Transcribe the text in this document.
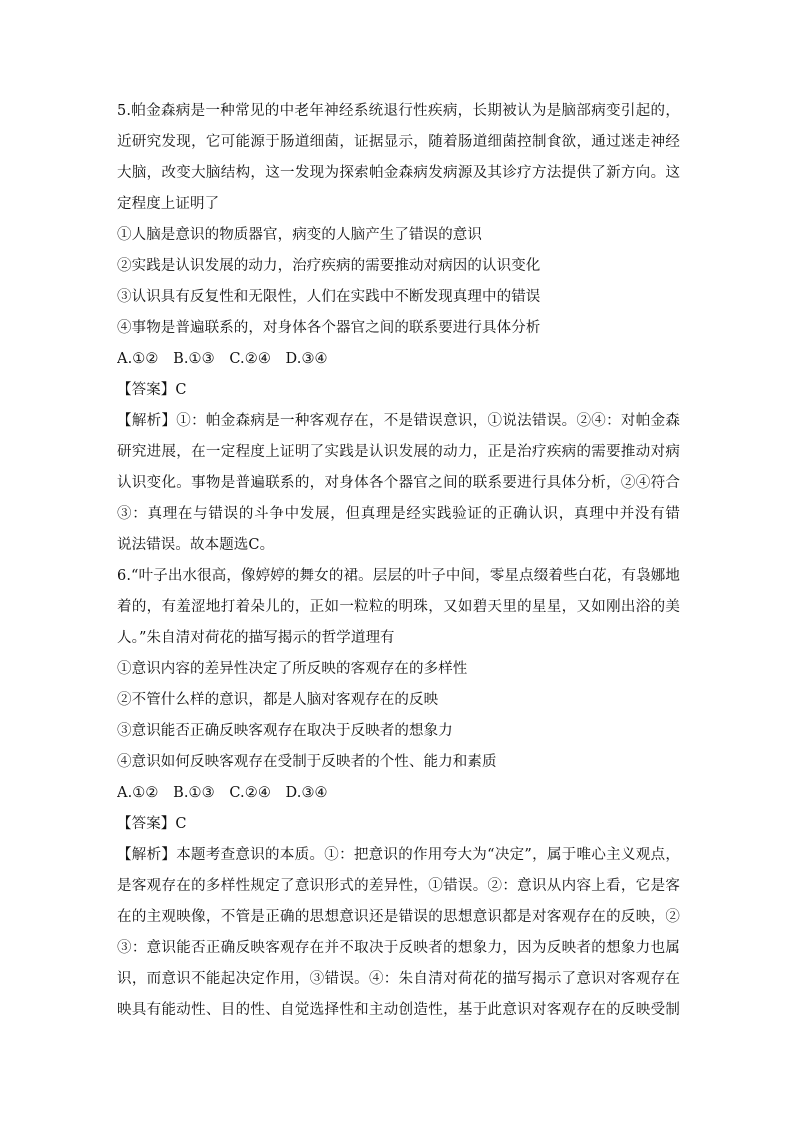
5.帕金森病是一种常见的中老年神经系统退行性疾病，长期被认为是脑部病变引起的，
近研究发现，它可能源于肠道细菌，证据显示，随着肠道细菌控制食欲，通过迷走神经
大脑，改变大脑结构，这一发现为探索帕金森病发病源及其诊疗方法提供了新方向。这
定程度上证明了
①人脑是意识的物质器官，病变的人脑产生了错误的意识
②实践是认识发展的动力，治疗疾病的需要推动对病因的认识变化
③认识具有反复性和无限性，人们在实践中不断发现真理中的错误
④事物是普遍联系的，对身体各个器官之间的联系要进行具体分析
A.①②　B.①③　C.②④　D.③④
【答案】C
【解析】①：帕金森病是一种客观存在，不是错误意识，①说法错误。②④：对帕金森
研究进展，在一定程度上证明了实践是认识发展的动力，正是治疗疾病的需要推动对病
认识变化。事物是普遍联系的，对身体各个器官之间的联系要进行具体分析，②④符合
③：真理在与错误的斗争中发展，但真理是经实践验证的正确认识，真理中并没有错
说法错误。故本题选C。
6.“叶子出水很高，像婷婷的舞女的裙。层层的叶子中间，零星点缀着些白花，有袅娜地
着的，有羞涩地打着朵儿的，正如一粒粒的明珠，又如碧天里的星星，又如刚出浴的美
人。”朱自清对荷花的描写揭示的哲学道理有
①意识内容的差异性决定了所反映的客观存在的多样性
②不管什么样的意识，都是人脑对客观存在的反映
③意识能否正确反映客观存在取决于反映者的想象力
④意识如何反映客观存在受制于反映者的个性、能力和素质
A.①②　B.①③　C.②④　D.③④
【答案】C
【解析】本题考查意识的本质。①：把意识的作用夸大为“决定”，属于唯心主义观点，
是客观存在的多样性规定了意识形式的差异性，①错误。②：意识从内容上看，它是客
在的主观映像，不管是正确的思想意识还是错误的思想意识都是对客观存在的反映，②
③：意识能否正确反映客观存在并不取决于反映者的想象力，因为反映者的想象力也属
识，而意识不能起决定作用，③错误。④：朱自清对荷花的描写揭示了意识对客观存在
映具有能动性、目的性、自觉选择性和主动创造性，基于此意识对客观存在的反映受制
